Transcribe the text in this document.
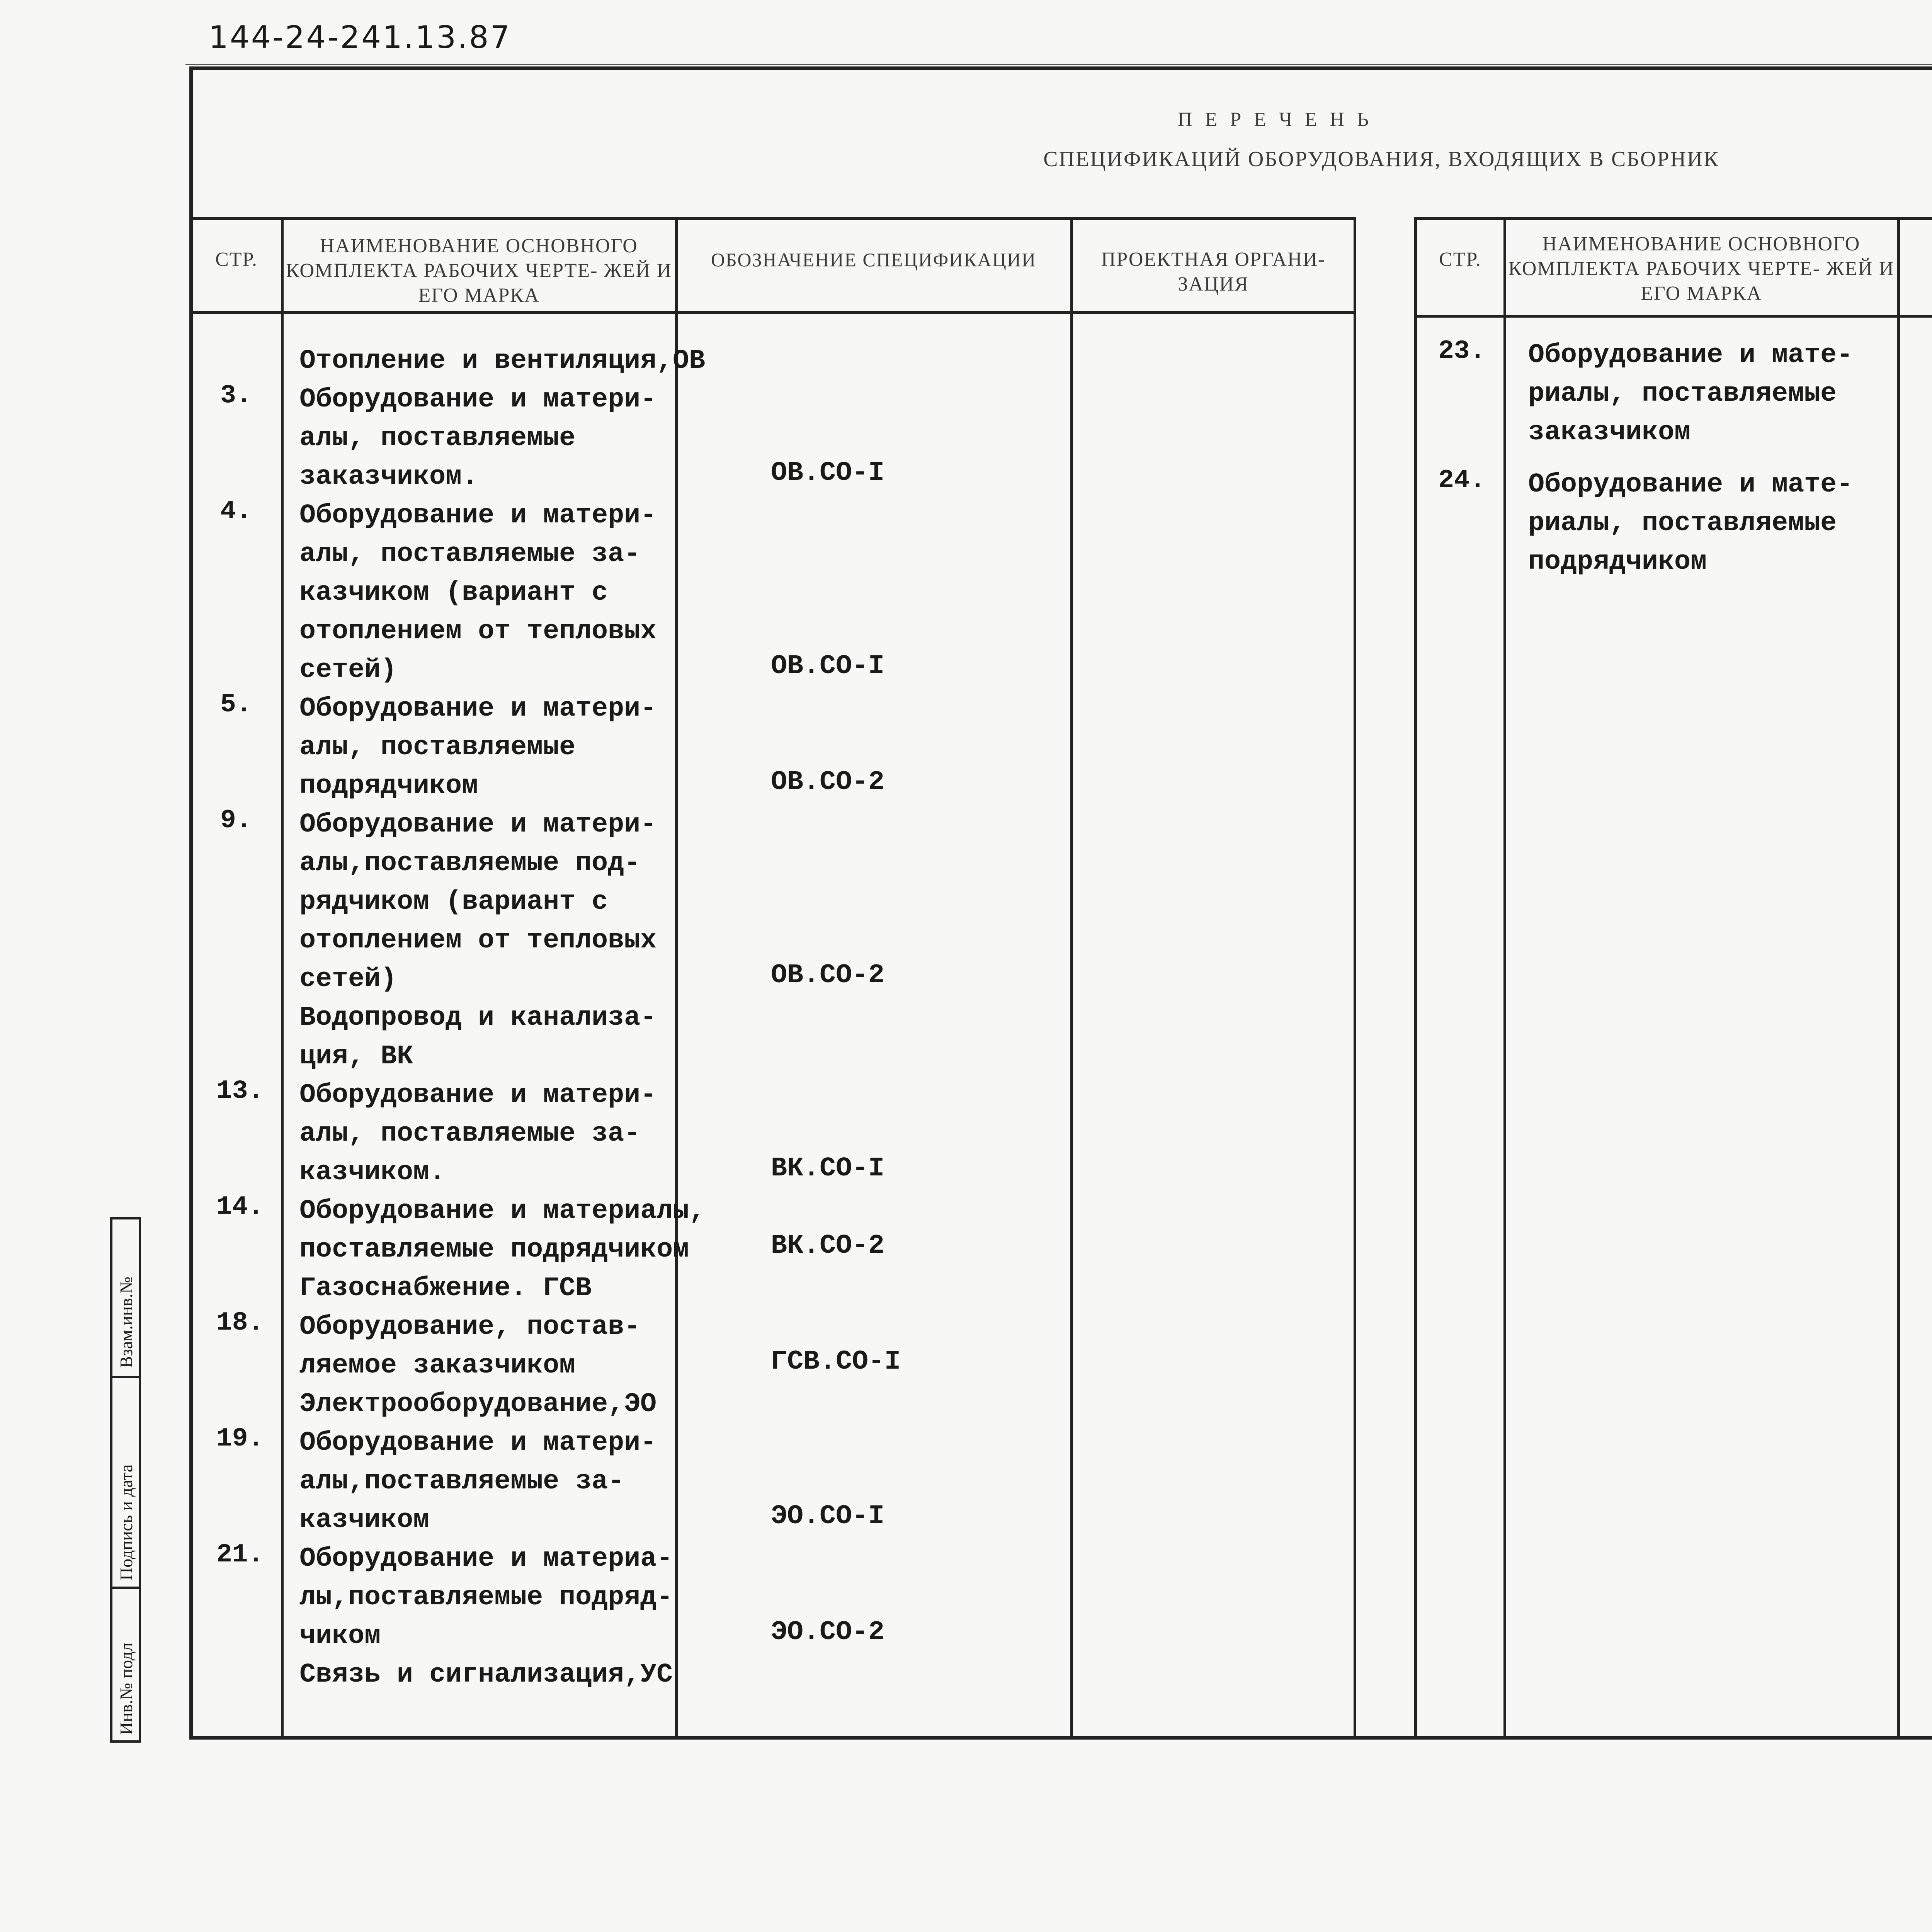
144-24-241.13.87
П Е Р Е Ч Е Н Ь
СПЕЦИФИКАЦИЙ ОБОРУДОВАНИЯ, ВХОДЯЩИХ В СБОРНИК
СТР.
НАИМЕНОВАНИЕ ОСНОВНОГО КОМПЛЕКТА РАБОЧИХ ЧЕРТЕ- ЖЕЙ И ЕГО МАРКА
ОБОЗНАЧЕНИЕ СПЕЦИФИКАЦИИ	ПРОЕКТНАЯ ОРГАНИ- ЗАЦИЯ
СТР.
НАИМЕНОВАНИЕ ОСНОВНОГО КОМПЛЕКТА РАБОЧИХ ЧЕРТЕ- ЖЕЙ И ЕГО МАРКА
Отопление и вентиляция,ОВ
3. Оборудование и матери-
алы, поставляемые
заказчиком.	ОВ.СО-I
4. Оборудование и матери-
алы, поставляемые за-
казчиком (вариант с
отоплением от тепловых
сетей)	ОВ.СО-I
5. Оборудование и матери-
алы, поставляемые
подрядчиком	ОВ.СО-2
9. Оборудование и матери-
алы,поставляемые под-
рядчиком (вариант с
отоплением от тепловых
сетей)	ОВ.СО-2
Водопровод и канализа-
ция, ВК
13. Оборудование и матери-
алы, поставляемые за-
казчиком.	ВК.СО-I
14. Оборудование и материалы,
поставляемые подрядчиком	ВК.СО-2
Газоснабжение. ГСВ
18. Оборудование, постав-
ляемое заказчиком	ГСВ.СО-I
Электрооборудование,ЭО
19. Оборудование и матери-
алы,поставляемые за-
казчиком	ЭО.СО-I
21. Оборудование и материа-
лы,поставляемые подряд-
чиком	ЭО.СО-2
Связь и сигнализация,УС
23. Оборудование и мате-
риалы, поставляемые
заказчиком
24. Оборудование и мате-
риалы, поставляемые
подрядчиком
Взам.инв.№
Подпись и дата
Инв.№ подл
